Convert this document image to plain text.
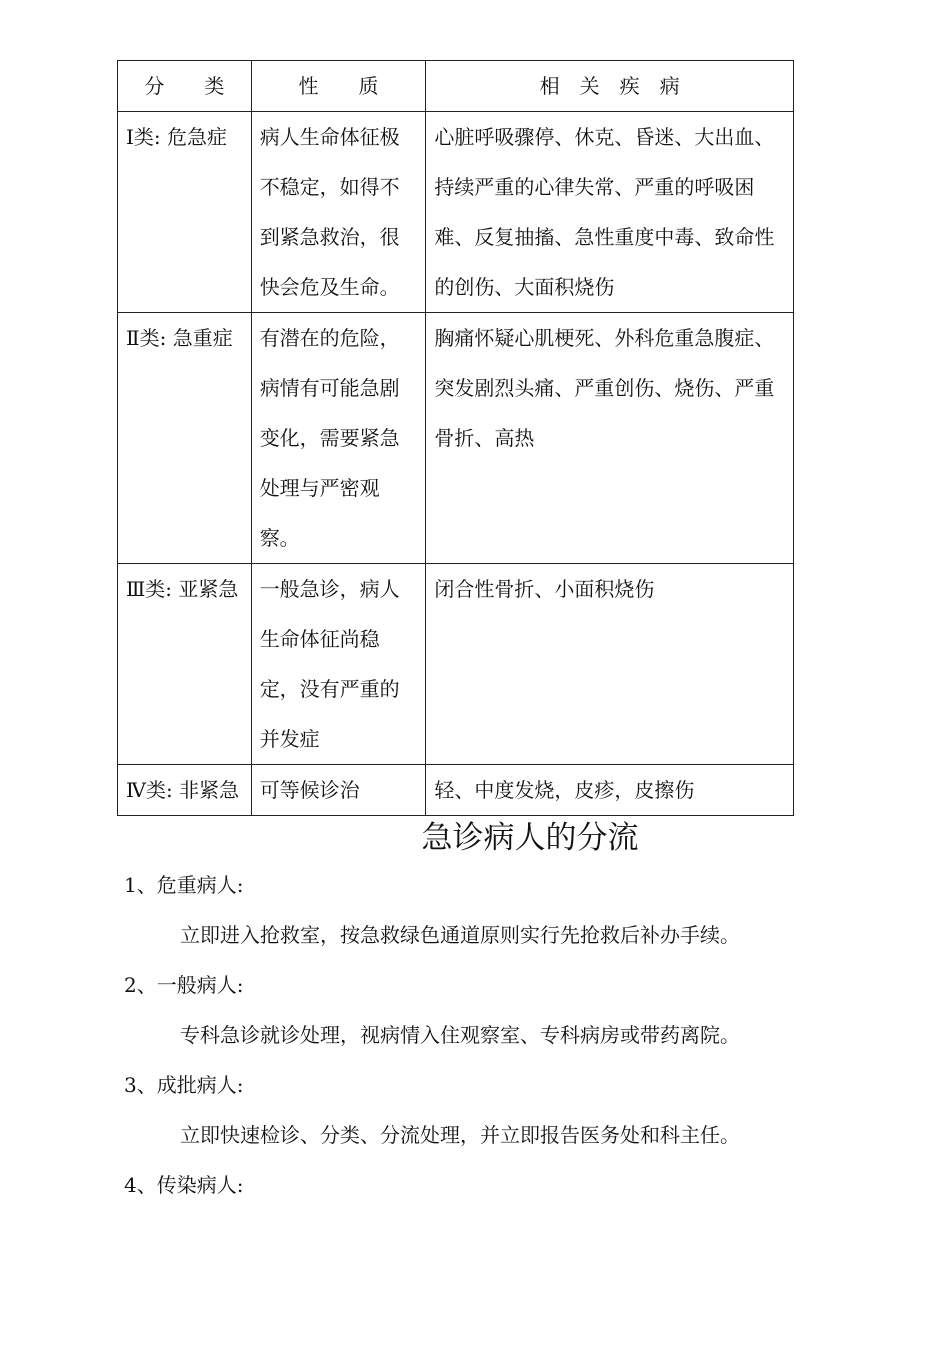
分　　类	性　　质	相　关　疾　病
Ⅰ类: 危急症	病人生命体征极不稳定，如得不到紧急救治，很快会危及生命。	心脏呼吸骤停、休克、昏迷、大出血、持续严重的心律失常、严重的呼吸困难、反复抽搐、急性重度中毒、致命性的创伤、大面积烧伤
Ⅱ类: 急重症	有潜在的危险，病情有可能急剧变化，需要紧急处理与严密观察。	胸痛怀疑心肌梗死、外科危重急腹症、突发剧烈头痛、严重创伤、烧伤、严重骨折、高热
Ⅲ类: 亚紧急	一般急诊，病人生命体征尚稳定，没有严重的并发症	闭合性骨折、小面积烧伤
Ⅳ类: 非紧急	可等候诊治	轻、中度发烧，皮疹，皮擦伤
急诊病人的分流

1、危重病人:

立即进入抢救室，按急救绿色通道原则实行先抢救后补办手续。

2、一般病人:

专科急诊就诊处理，视病情入住观察室、专科病房或带药离院。

3、成批病人:

立即快速检诊、分类、分流处理，并立即报告医务处和科主任。

4、传染病人:
